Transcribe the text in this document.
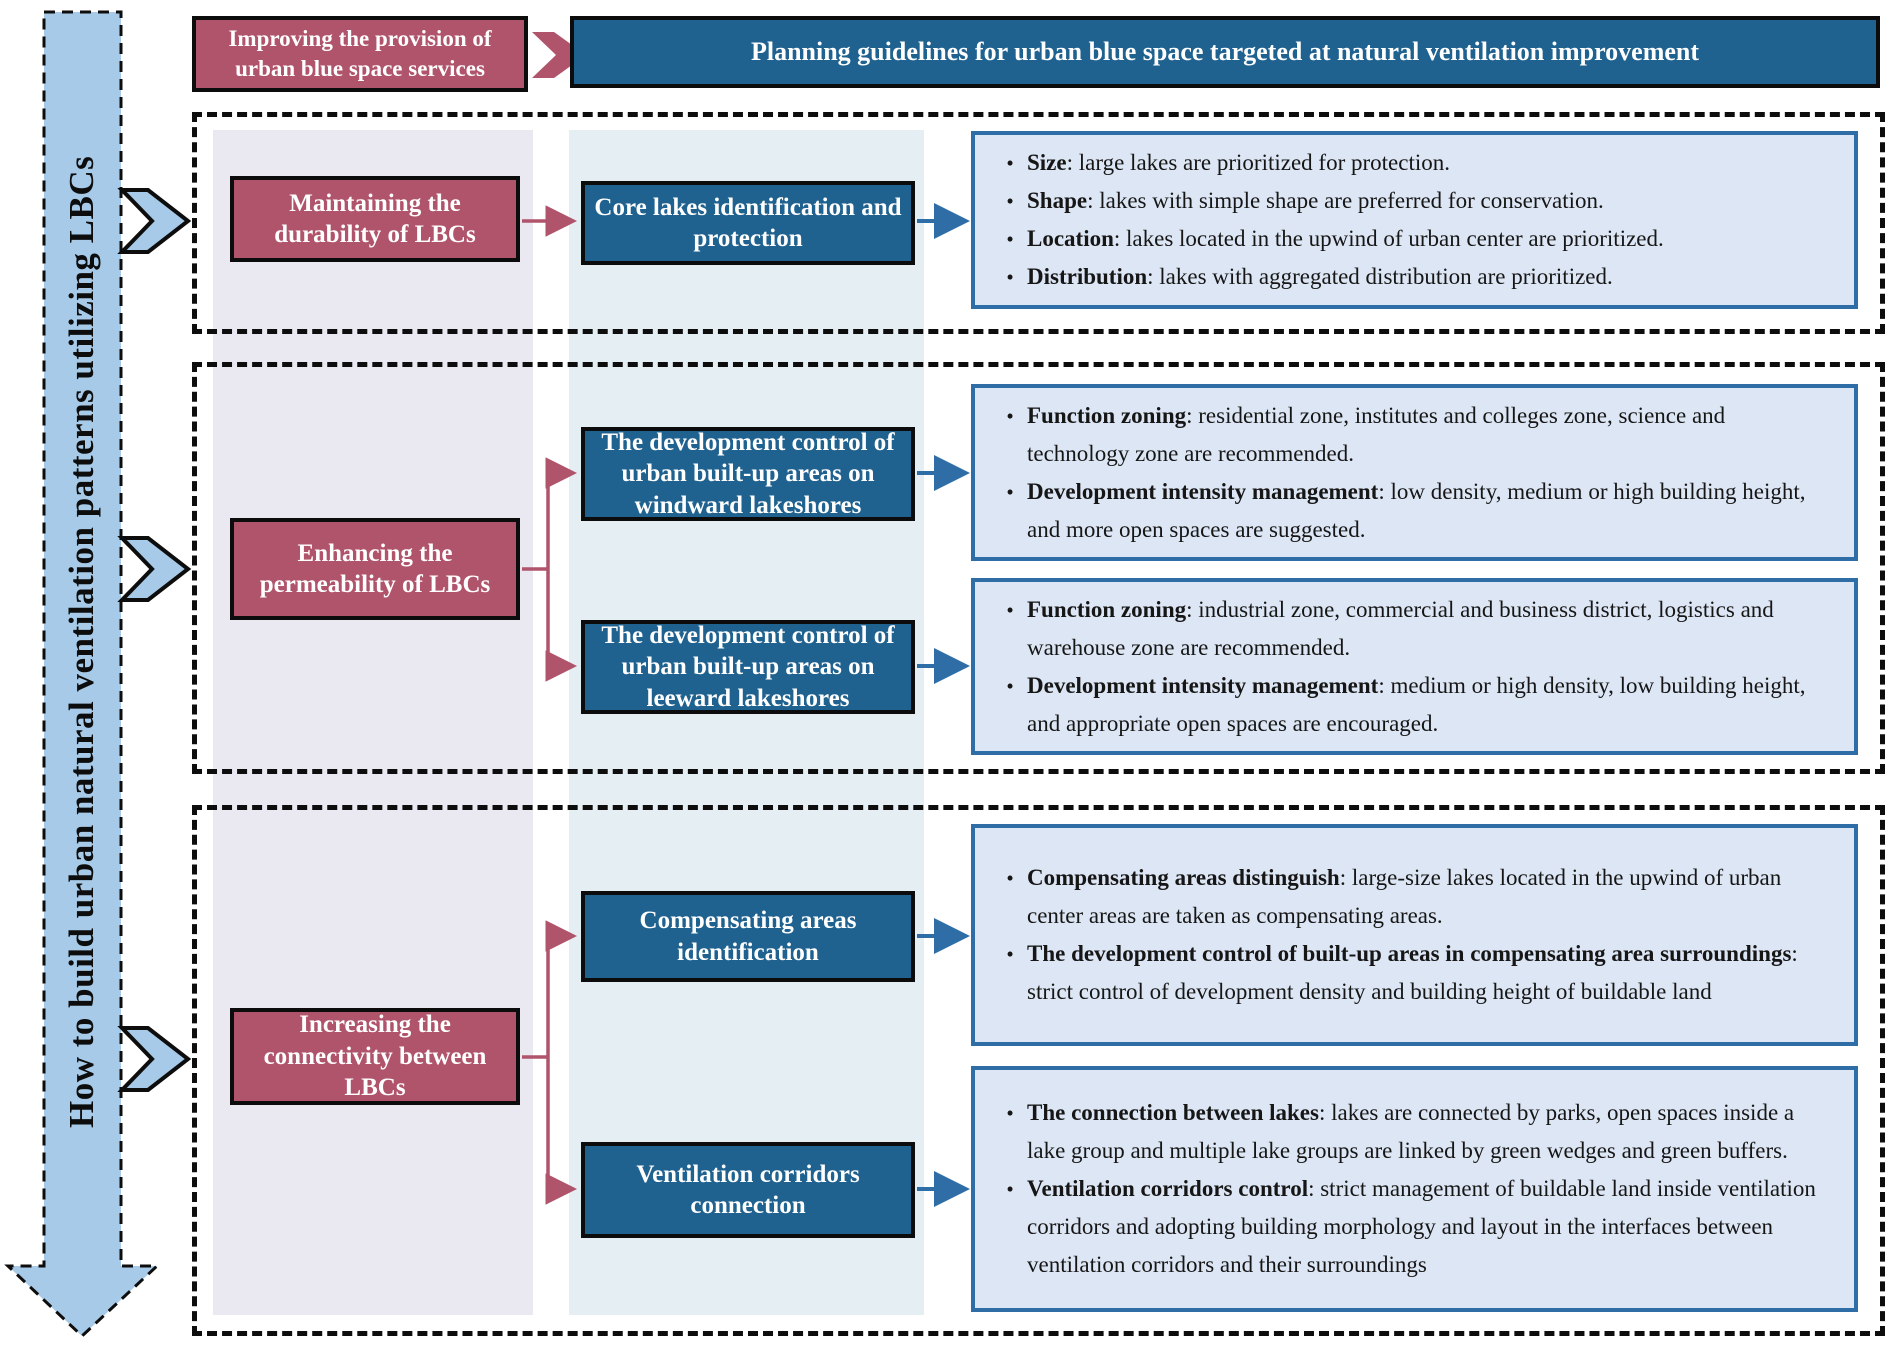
How to build urban natural ventilation patterns utilizing LBCs
Improving the provision of urban blue space services
Planning guidelines for urban blue space targeted at natural ventilation improvement
Maintaining the durability of LBCs
Enhancing the permeability of LBCs
Increasing the connectivity between LBCs
Core lakes identification and protection
The development control of urban built-up areas on windward lakeshores
The development control of urban built-up areas on leeward lakeshores
Compensating areas identification
Ventilation corridors connection
• Size: large lakes are prioritized for protection.
• Shape: lakes with simple shape are preferred for conservation.
• Location: lakes located in the upwind of urban center are prioritized.
• Distribution: lakes with aggregated distribution are prioritized.
• Function zoning: residential zone, institutes and colleges zone, science and technology zone are recommended.
• Development intensity management: low density, medium or high building height, and more open spaces are suggested.
• Function zoning: industrial zone, commercial and business district, logistics and warehouse zone are recommended.
• Development intensity management: medium or high density, low building height, and appropriate open spaces are encouraged.
• Compensating areas distinguish: large-size lakes located in the upwind of urban center areas are taken as compensating areas.
• The development control of built-up areas in compensating area surroundings: strict control of development density and building height of buildable land
• The connection between lakes: lakes are connected by parks, open spaces inside a lake group and multiple lake groups are linked by green wedges and green buffers.
• Ventilation corridors control: strict management of buildable land inside ventilation corridors and adopting building morphology and layout in the interfaces between ventilation corridors and their surroundings
